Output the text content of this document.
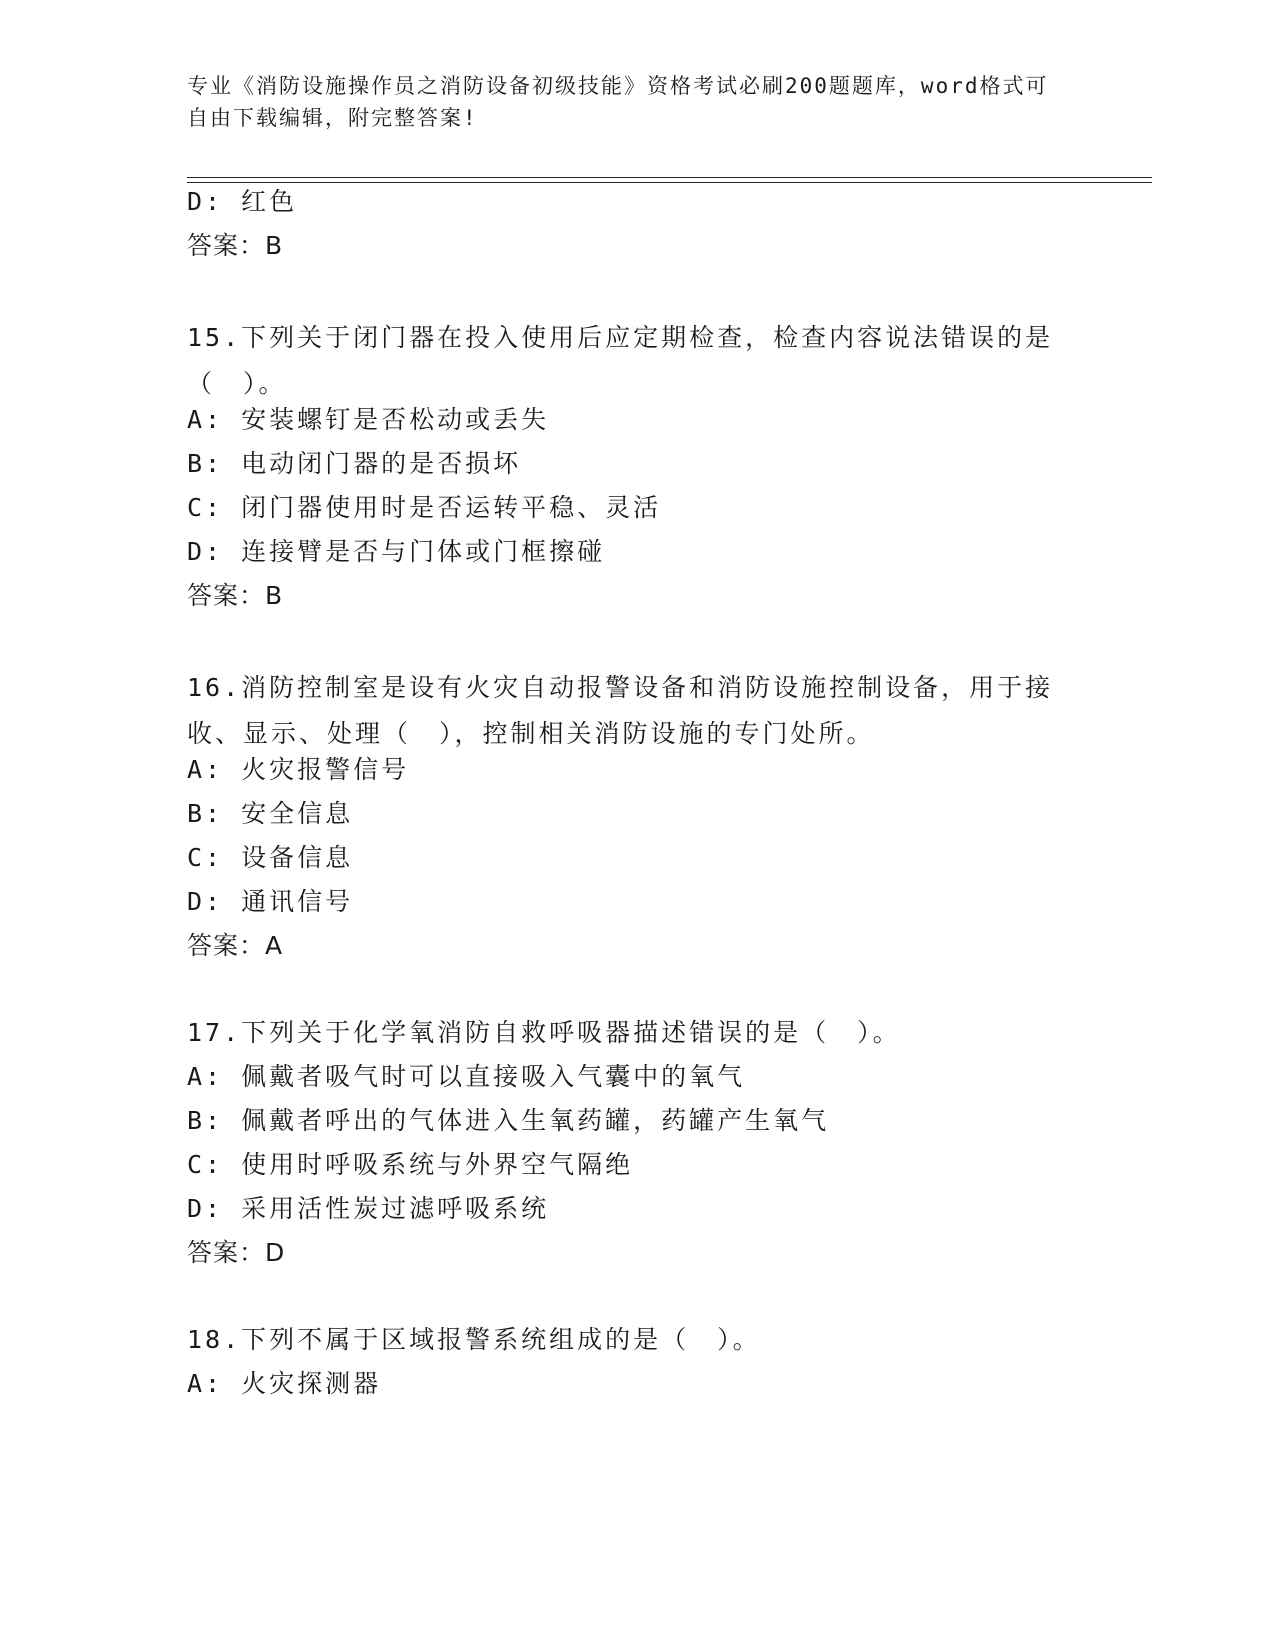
专业《消防设施操作员之消防设备初级技能》资格考试必刷200题题库，word格式可自由下载编辑，附完整答案!
D: 红色
答案：B
15.下列关于闭门器在投入使用后应定期检查，检查内容说法错误的是（　）。
A: 安装螺钉是否松动或丢失
B: 电动闭门器的是否损坏
C: 闭门器使用时是否运转平稳、灵活
D: 连接臂是否与门体或门框擦碰
答案：B
16.消防控制室是设有火灾自动报警设备和消防设施控制设备，用于接收、显示、处理（　），控制相关消防设施的专门处所。
A: 火灾报警信号
B: 安全信息
C: 设备信息
D: 通讯信号
答案：A
17.下列关于化学氧消防自救呼吸器描述错误的是（　）。
A: 佩戴者吸气时可以直接吸入气囊中的氧气
B: 佩戴者呼出的气体进入生氧药罐，药罐产生氧气
C: 使用时呼吸系统与外界空气隔绝
D: 采用活性炭过滤呼吸系统
答案：D
18.下列不属于区域报警系统组成的是（　）。
A: 火灾探测器
